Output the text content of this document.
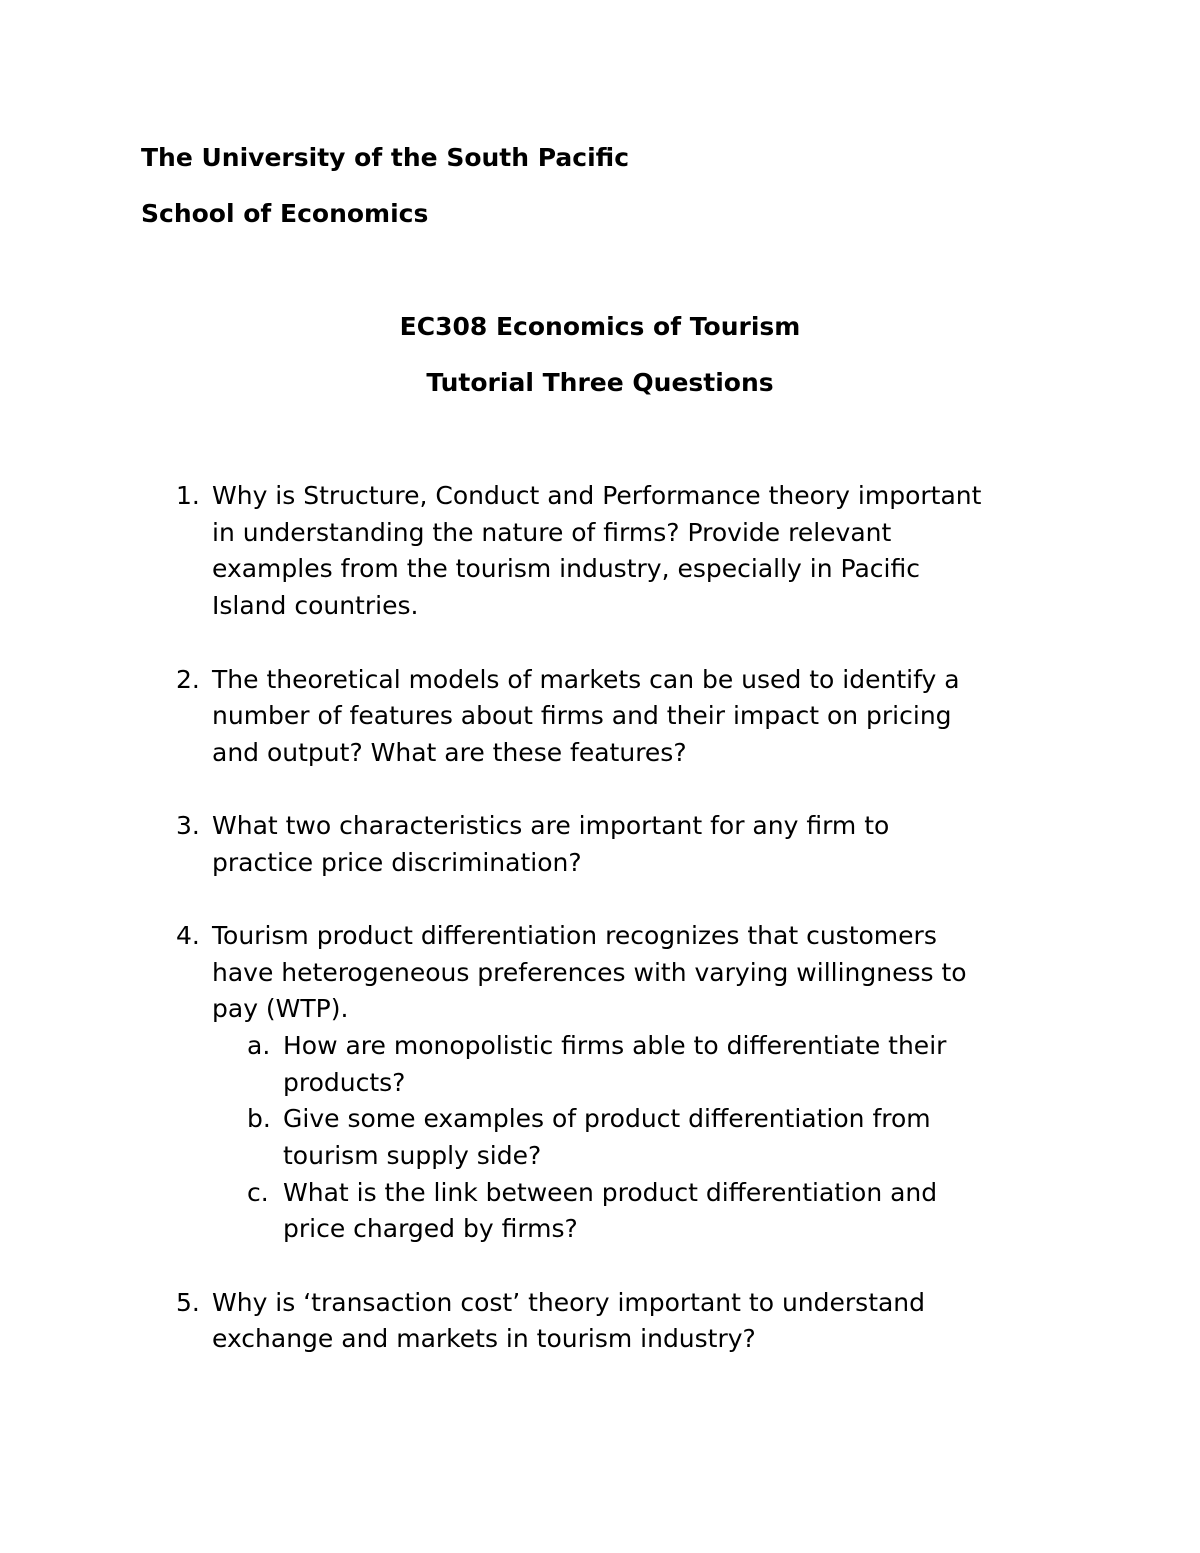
The University of the South Pacific
School of Economics
EC308 Economics of Tourism
Tutorial Three Questions
1. Why is Structure, Conduct and Performance theory important
in understanding the nature of firms? Provide relevant
examples from the tourism industry, especially in Pacific
Island countries.
2. The theoretical models of markets can be used to identify a
number of features about firms and their impact on pricing
and output? What are these features?
3. What two characteristics are important for any firm to
practice price discrimination?
4. Tourism product differentiation recognizes that customers
have heterogeneous preferences with varying willingness to
pay (WTP).
a. How are monopolistic firms able to differentiate their
products?
b. Give some examples of product differentiation from
tourism supply side?
c. What is the link between product differentiation and
price charged by firms?
5. Why is ‘transaction cost’ theory important to understand
exchange and markets in tourism industry?
